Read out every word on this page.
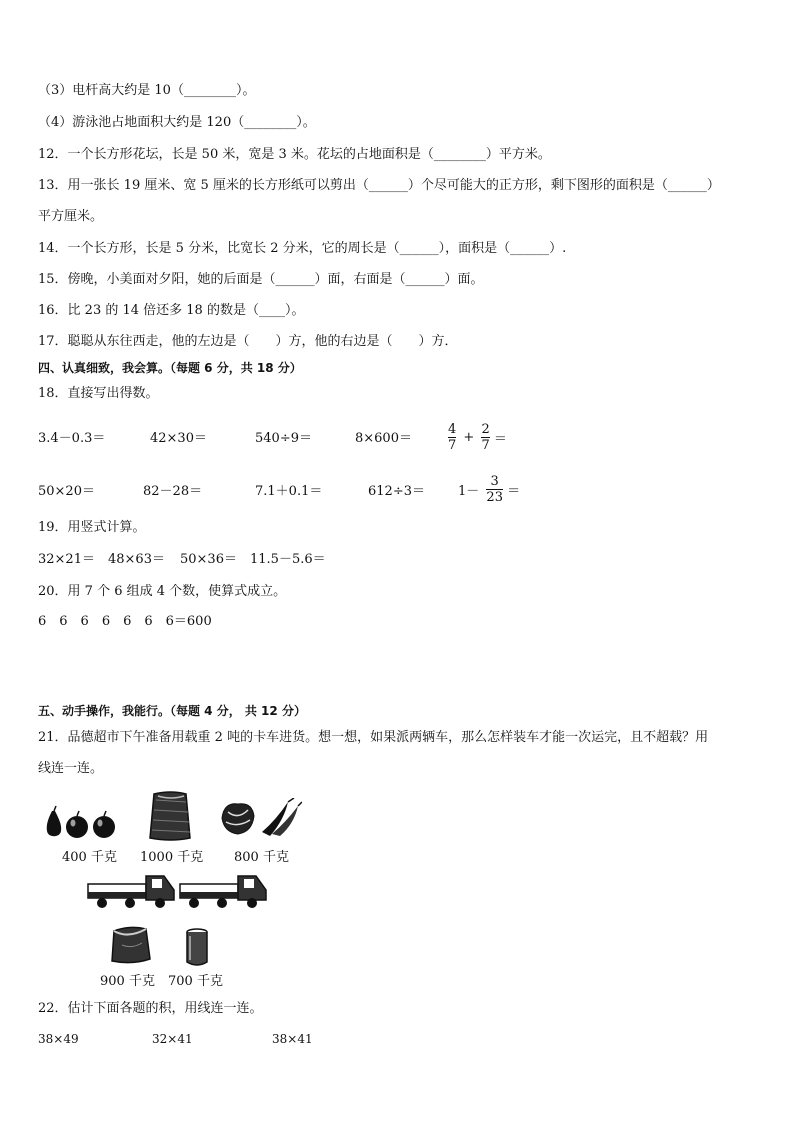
（3）电杆高大约是 10（________）。
（4）游泳池占地面积大约是 120（________）。
12．一个长方形花坛，长是 50 米，宽是 3 米。花坛的占地面积是（________）平方米。
13．用一张长 19 厘米、宽 5 厘米的长方形纸可以剪出（______）个尽可能大的正方形，剩下图形的面积是（______）
平方厘米。
14．一个长方形，长是 5 分米，比宽长 2 分米，它的周长是（______），面积是（______）.
15．傍晚，小美面对夕阳，她的后面是（______）面，右面是（______）面。
16．比 23 的 14 倍还多 18 的数是（____）。
17．聪聪从东往西走，他的左边是（　　）方，他的右边是（　　）方．
四、认真细致，我会算。（每题 6 分，共 18 分）
18．直接写出得数。
3.4－0.3＝	42×30＝	540÷9＝	8×600＝	$\frac{4}{7} + \frac{2}{7}$ ＝
50×20＝	82－28＝	7.1＋0.1＝	612÷3＝	$1- \frac{3}{23}$ ＝
19．用竖式计算。
32×21＝ 48×63＝ 50×36＝ 11.5－5.6＝
20．用 7 个 6 组成 4 个数，使算式成立。
6　6　6　6　6　6　6＝600
五、动手操作，我能行。（每题 4 分， 共 12 分）
21．品德超市下午准备用载重 2 吨的卡车进货。想一想，如果派两辆车，那么怎样装车才能一次运完，且不超载？用
线连一连。
400 千克 1000 千克 800 千克
900 千克 700 千克
22．估计下面各题的积，用线连一连。
38×49	32×41	38×41
